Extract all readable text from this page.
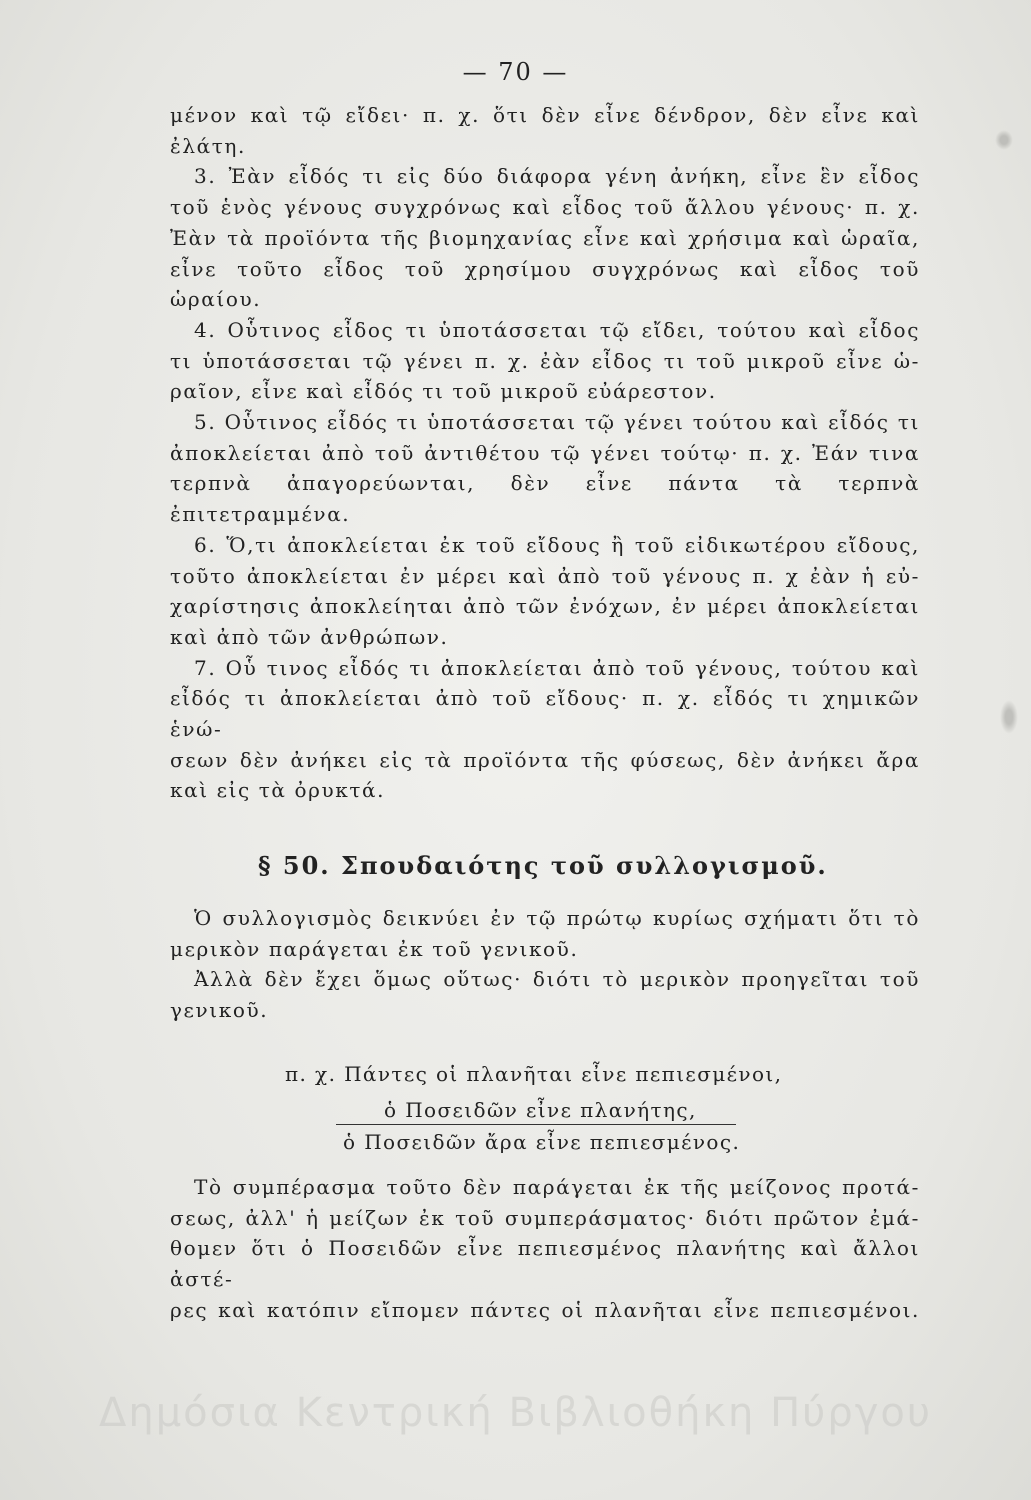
— 70 —
μένον καὶ τῷ εἴδει· π. χ. ὅτι δὲν εἶνε δένδρον, δὲν εἶνε καὶ
ἐλάτη.
3. Ἐὰν εἶδός τι εἰς δύο διάφορα γένη ἀνήκη, εἶνε ἓν εἶδος
τοῦ ἑνὸς γένους συγχρόνως καὶ εἶδος τοῦ ἄλλου γένους· π. χ.
Ἐὰν τὰ προϊόντα τῆς βιομηχανίας εἶνε καὶ χρήσιμα καὶ ὡραῖα,
εἶνε τοῦτο εἶδος τοῦ χρησίμου συγχρόνως καὶ εἶδος τοῦ ὡραίου.
4. Οὗτινος εἶδος τι ὑποτάσσεται τῷ εἴδει, τούτου καὶ εἶδος
τι ὑποτάσσεται τῷ γένει π. χ. ἐὰν εἶδος τι τοῦ μικροῦ εἶνε ὡ-
ραῖον, εἶνε καὶ εἶδός τι τοῦ μικροῦ εὐάρεστον.
5. Οὗτινος εἶδός τι ὑποτάσσεται τῷ γένει τούτου καὶ εἶδός τι
ἀποκλείεται ἀπὸ τοῦ ἀντιθέτου τῷ γένει τούτῳ· π. χ. Ἐάν τινα
τερπνὰ ἀπαγορεύωνται, δὲν εἶνε πάντα τὰ τερπνὰ ἐπιτετραμμένα.
6. Ὅ,τι ἀποκλείεται ἐκ τοῦ εἴδους ἢ τοῦ εἰδικωτέρου εἴδους,
τοῦτο ἀποκλείεται ἐν μέρει καὶ ἀπὸ τοῦ γένους π. χ ἐὰν ἡ εὐ-
χαρίστησις ἀποκλείηται ἀπὸ τῶν ἐνόχων, ἐν μέρει ἀποκλείεται
καὶ ἀπὸ τῶν ἀνθρώπων.
7. Οὗ τινος εἶδός τι ἀποκλείεται ἀπὸ τοῦ γένους, τούτου καὶ
εἶδός τι ἀποκλείεται ἀπὸ τοῦ εἴδους· π. χ. εἶδός τι χημικῶν ἑνώ-
σεων δὲν ἀνήκει εἰς τὰ προϊόντα τῆς φύσεως, δὲν ἀνήκει ἄρα
καὶ εἰς τὰ ὀρυκτά.
§ 50. Σπουδαιότης τοῦ συλλογισμοῦ.
Ὁ συλλογισμὸς δεικνύει ἐν τῷ πρώτῳ κυρίως σχήματι ὅτι τὸ
μερικὸν παράγεται ἐκ τοῦ γενικοῦ.
Ἀλλὰ δὲν ἔχει ὅμως οὕτως· διότι τὸ μερικὸν προηγεῖται τοῦ
γενικοῦ.
π. χ. Πάντες οἱ πλανῆται εἶνε πεπιεσμένοι,
ὁ Ποσειδῶν εἶνε πλανήτης,
ὁ Ποσειδῶν ἄρα εἶνε πεπιεσμένος.
Τὸ συμπέρασμα τοῦτο δὲν παράγεται ἐκ τῆς μείζονος προτά-
σεως, ἀλλ' ἡ μείζων ἐκ τοῦ συμπεράσματος· διότι πρῶτον ἐμά-
θομεν ὅτι ὁ Ποσειδῶν εἶνε πεπιεσμένος πλανήτης καὶ ἄλλοι ἀστέ-
ρες καὶ κατόπιν εἴπομεν πάντες οἱ πλανῆται εἶνε πεπιεσμένοι.
Δημόσια Κεντρική Βιβλιοθήκη Πύργου
